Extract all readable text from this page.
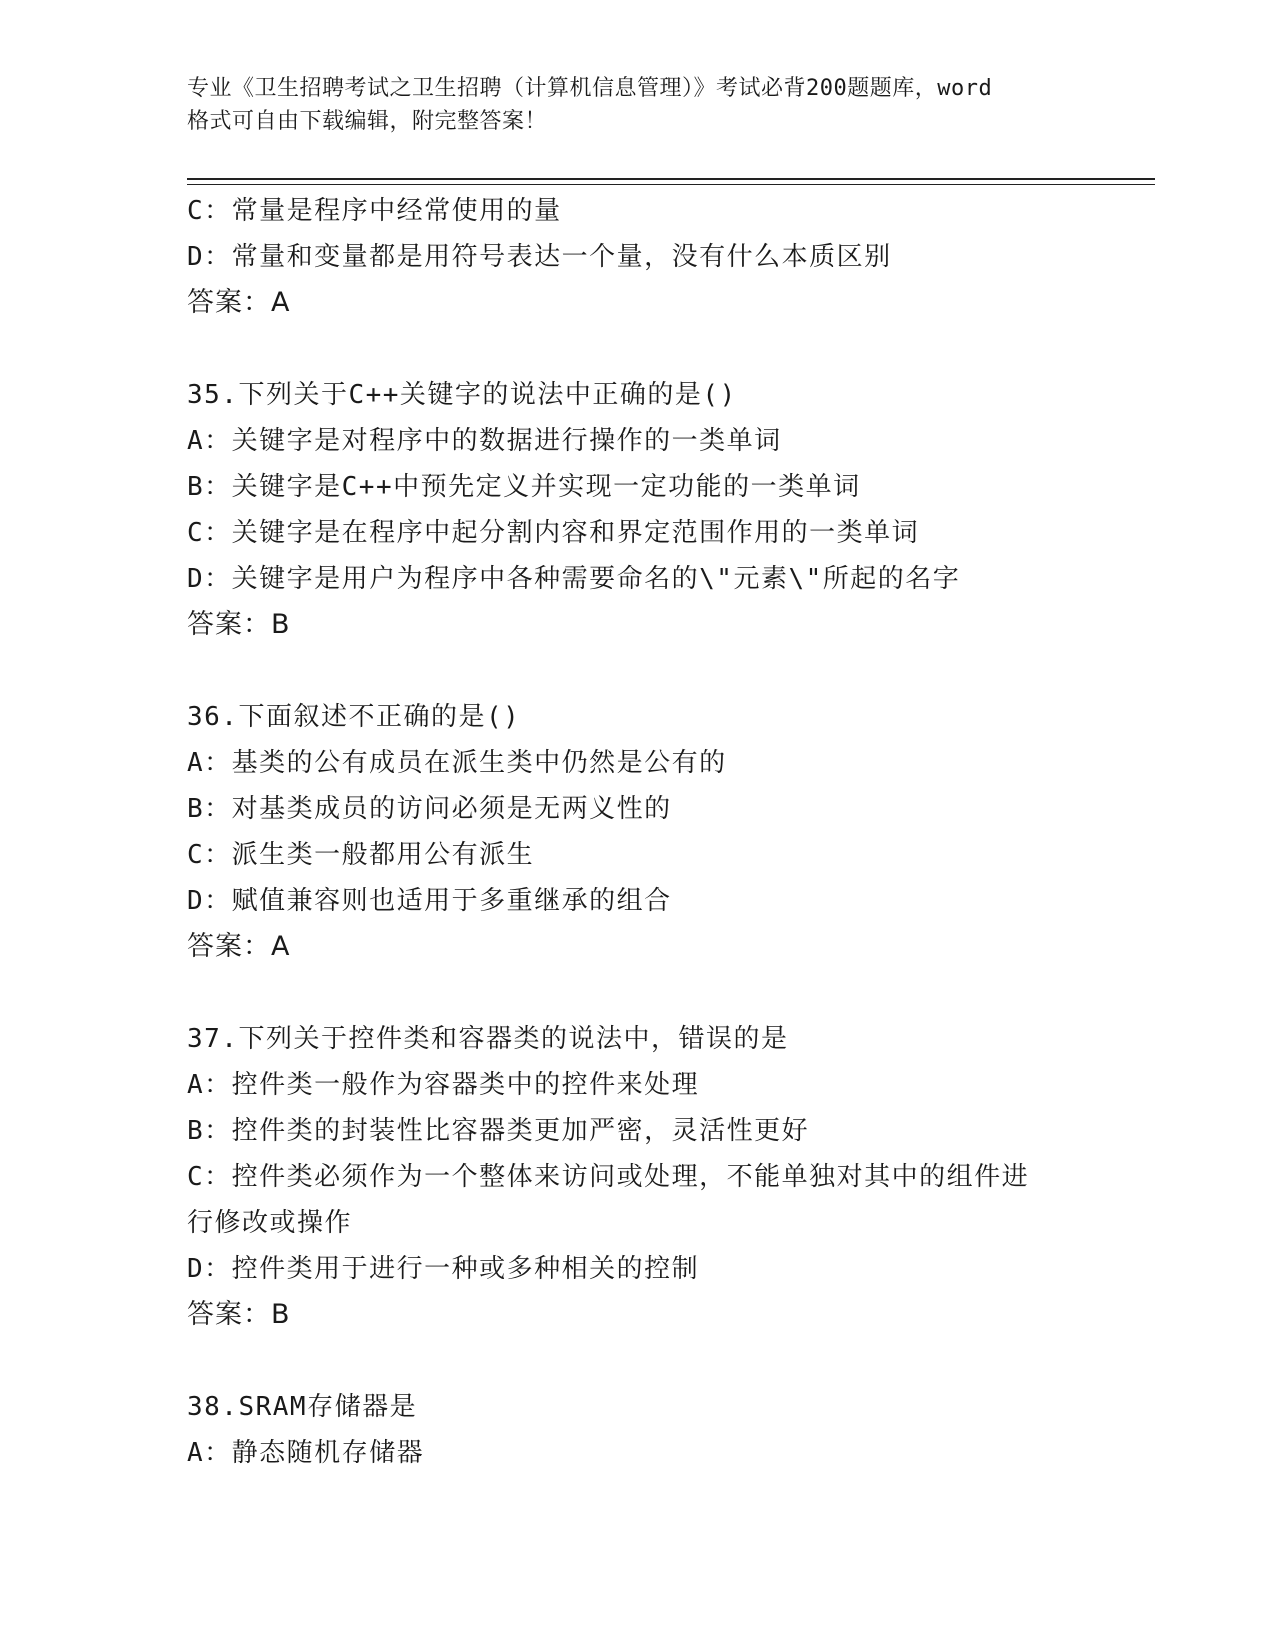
专业《卫生招聘考试之卫生招聘（计算机信息管理）》考试必背200题题库，word
格式可自由下载编辑，附完整答案！
C：常量是程序中经常使用的量
D：常量和变量都是用符号表达一个量，没有什么本质区别
答案：A
35.下列关于C++关键字的说法中正确的是()
A：关键字是对程序中的数据进行操作的一类单词
B：关键字是C++中预先定义并实现一定功能的一类单词
C：关键字是在程序中起分割内容和界定范围作用的一类单词
D：关键字是用户为程序中各种需要命名的\"元素\"所起的名字
答案：B
36.下面叙述不正确的是()
A：基类的公有成员在派生类中仍然是公有的
B：对基类成员的访问必须是无两义性的
C：派生类一般都用公有派生
D：赋值兼容则也适用于多重继承的组合
答案：A
37.下列关于控件类和容器类的说法中，错误的是
A：控件类一般作为容器类中的控件来处理
B：控件类的封装性比容器类更加严密，灵活性更好
C：控件类必须作为一个整体来访问或处理，不能单独对其中的组件进
行修改或操作
D：控件类用于进行一种或多种相关的控制
答案：B
38.SRAM存储器是
A：静态随机存储器
